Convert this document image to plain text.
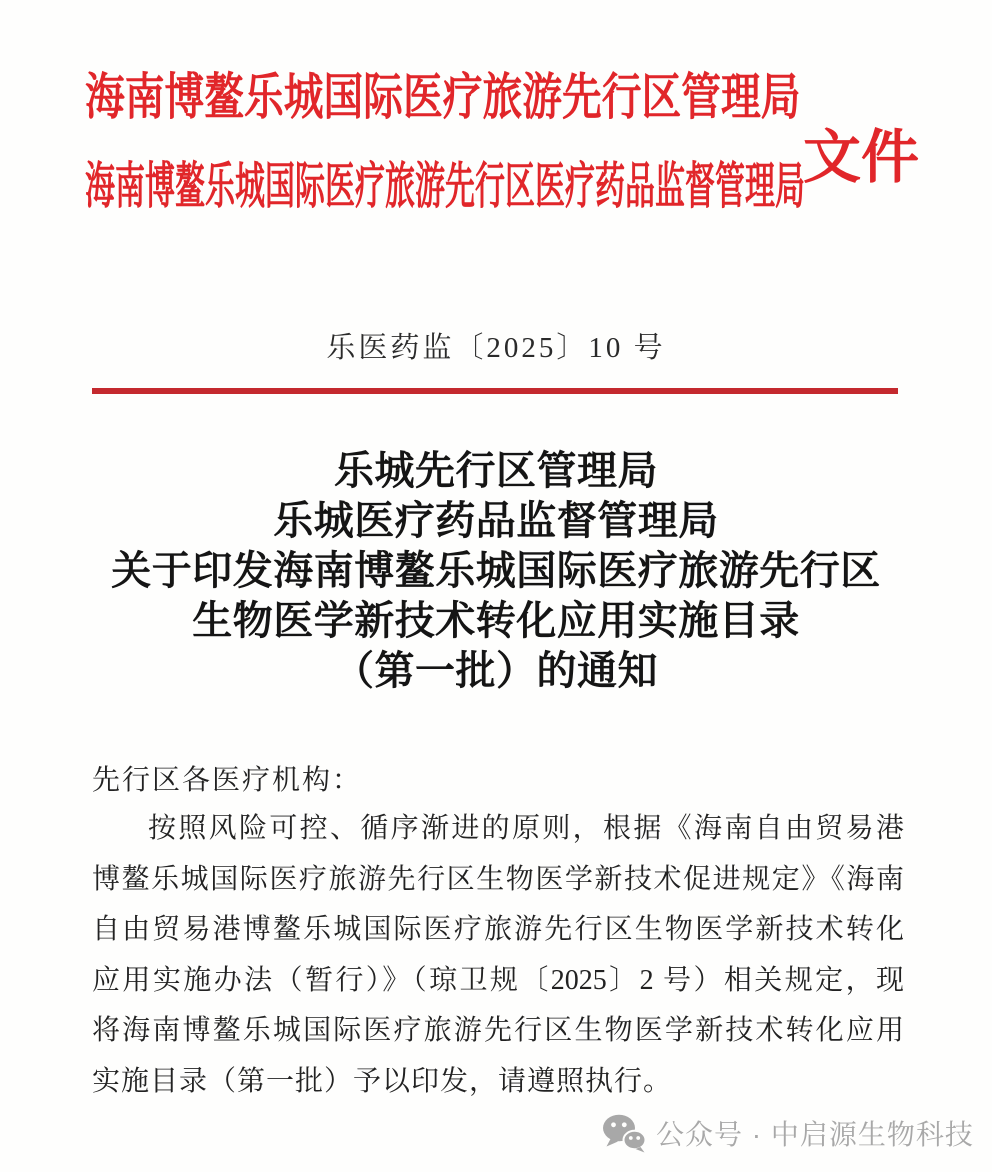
海南博鳌乐城国际医疗旅游先行区管理局
海南博鳌乐城国际医疗旅游先行区医疗药品监督管理局
文件
乐医药监〔2025〕10 号
乐城先行区管理局
乐城医疗药品监督管理局
关于印发海南博鳌乐城国际医疗旅游先行区
生物医学新技术转化应用实施目录
（第一批）的通知
先行区各医疗机构：
按照风险可控、循序渐进的原则，根据《海南自由贸易港
博鳌乐城国际医疗旅游先行区生物医学新技术促进规定》《海南
自由贸易港博鳌乐城国际医疗旅游先行区生物医学新技术转化
应用实施办法（暂行）》（琼卫规〔2025〕2 号）相关规定，现
将海南博鳌乐城国际医疗旅游先行区生物医学新技术转化应用
实施目录（第一批）予以印发，请遵照执行。
公众号 · 中启源生物科技
